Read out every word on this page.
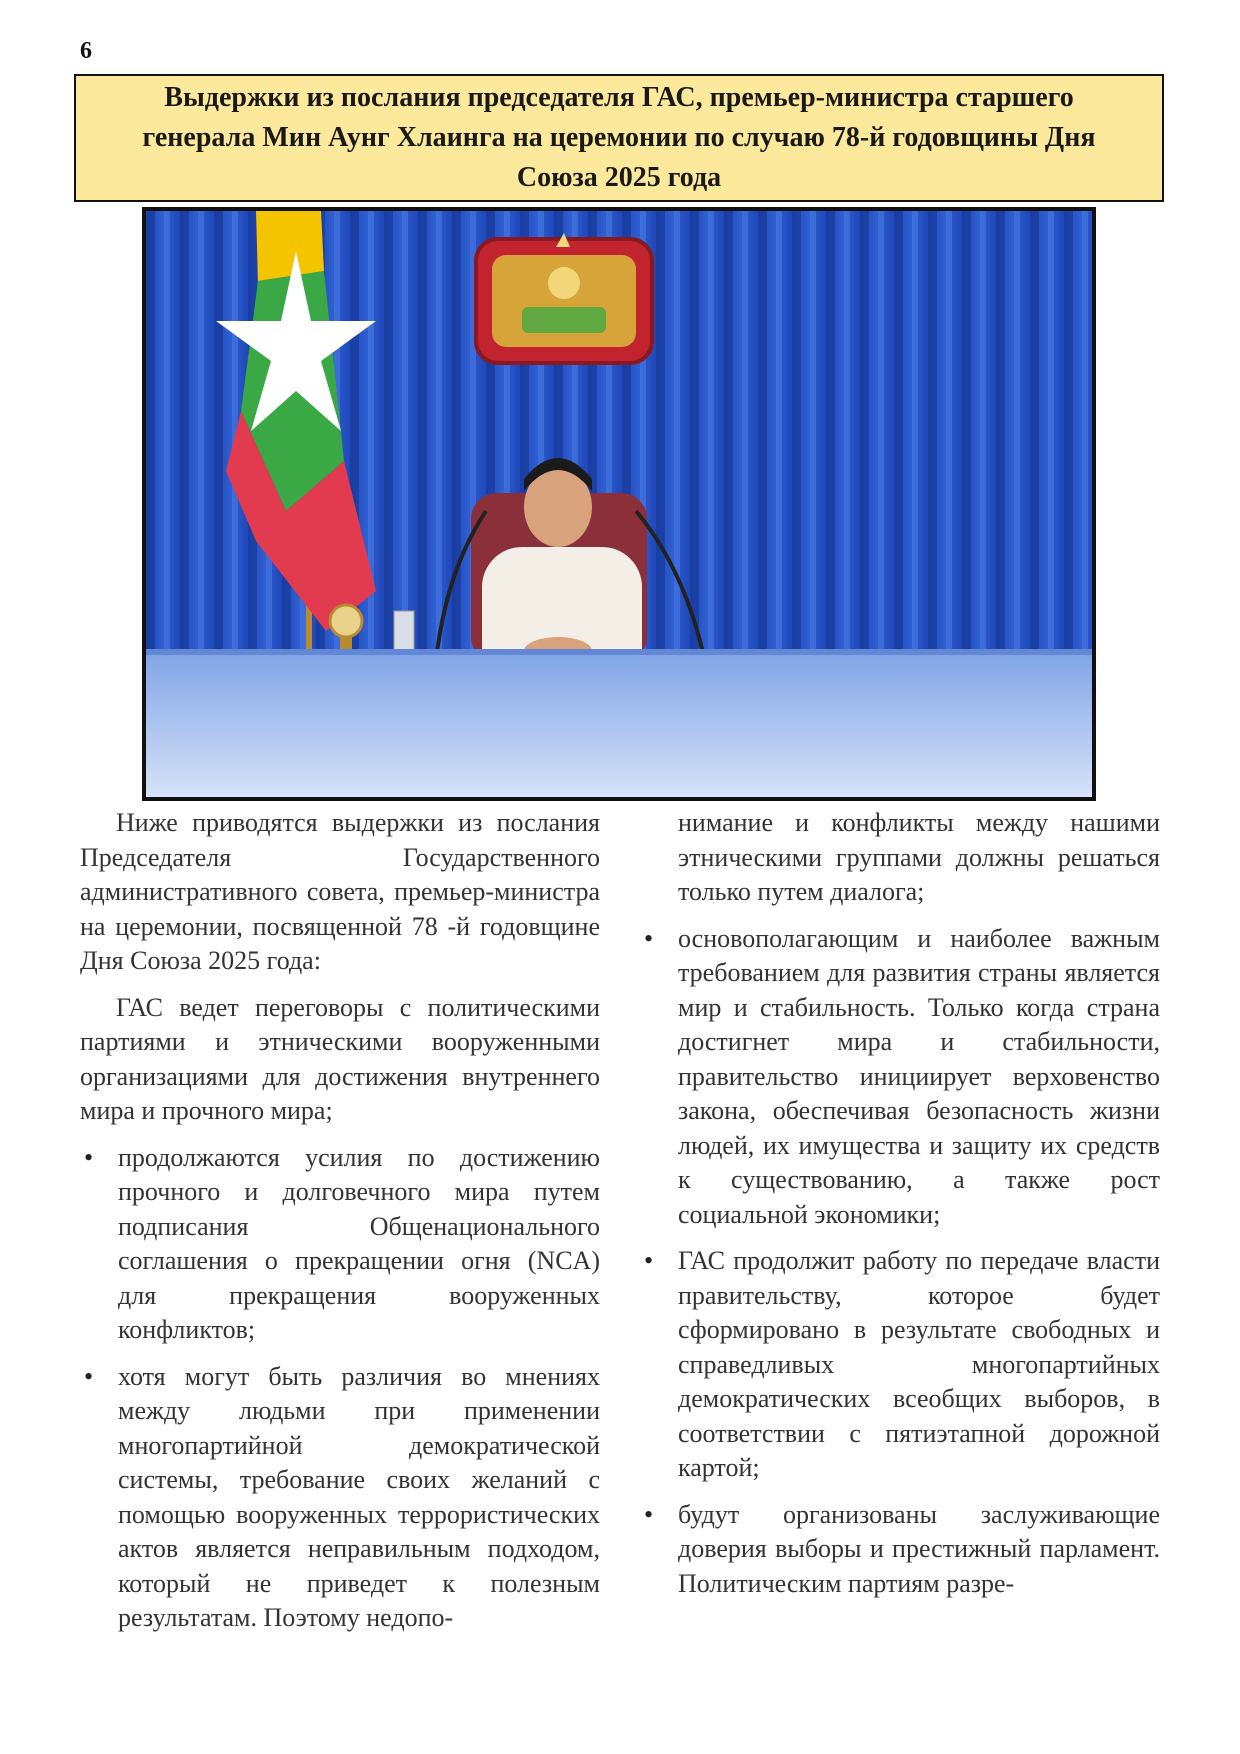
6
Выдержки из послания председателя ГАС, премьер-министра старшего генерала Мин Аунг Хлаинга на церемонии по случаю 78-й годовщины Дня Союза 2025 года

Ниже приводятся выдержки из послания Председателя Государственного административного совета, премьер-министра на церемонии, посвященной 78 -й годовщине Дня Союза 2025 года:

ГАС ведет переговоры с политическими партиями и этническими вооруженными организациями для достижения внутреннего мира и прочного мира;

• продолжаются усилия по достижению прочного и долговечного мира путем подписания Общенационального соглашения о прекращении огня (NCA) для прекращения вооруженных конфликтов;
• хотя могут быть различия во мнениях между людьми при применении многопартийной демократической системы, требование своих желаний с помощью вооруженных террористических актов является неправильным подходом, который не приведет к полезным результатам. Поэтому недопо-
нимание и конфликты между нашими этническими группами должны решаться только путем диалога;
• основополагающим и наиболее важным требованием для развития страны является мир и стабильность. Только когда страна достигнет мира и стабильности, правительство инициирует верховенство закона, обеспечивая безопасность жизни людей, их имущества и защиту их средств к существованию, а также рост социальной экономики;
• ГАС продолжит работу по передаче власти правительству, которое будет сформировано в результате свободных и справедливых многопартийных демократических всеобщих выборов, в соответствии с пятиэтапной дорожной картой;
• будут организованы заслуживающие доверия выборы и престижный парламент. Политическим партиям разре-
